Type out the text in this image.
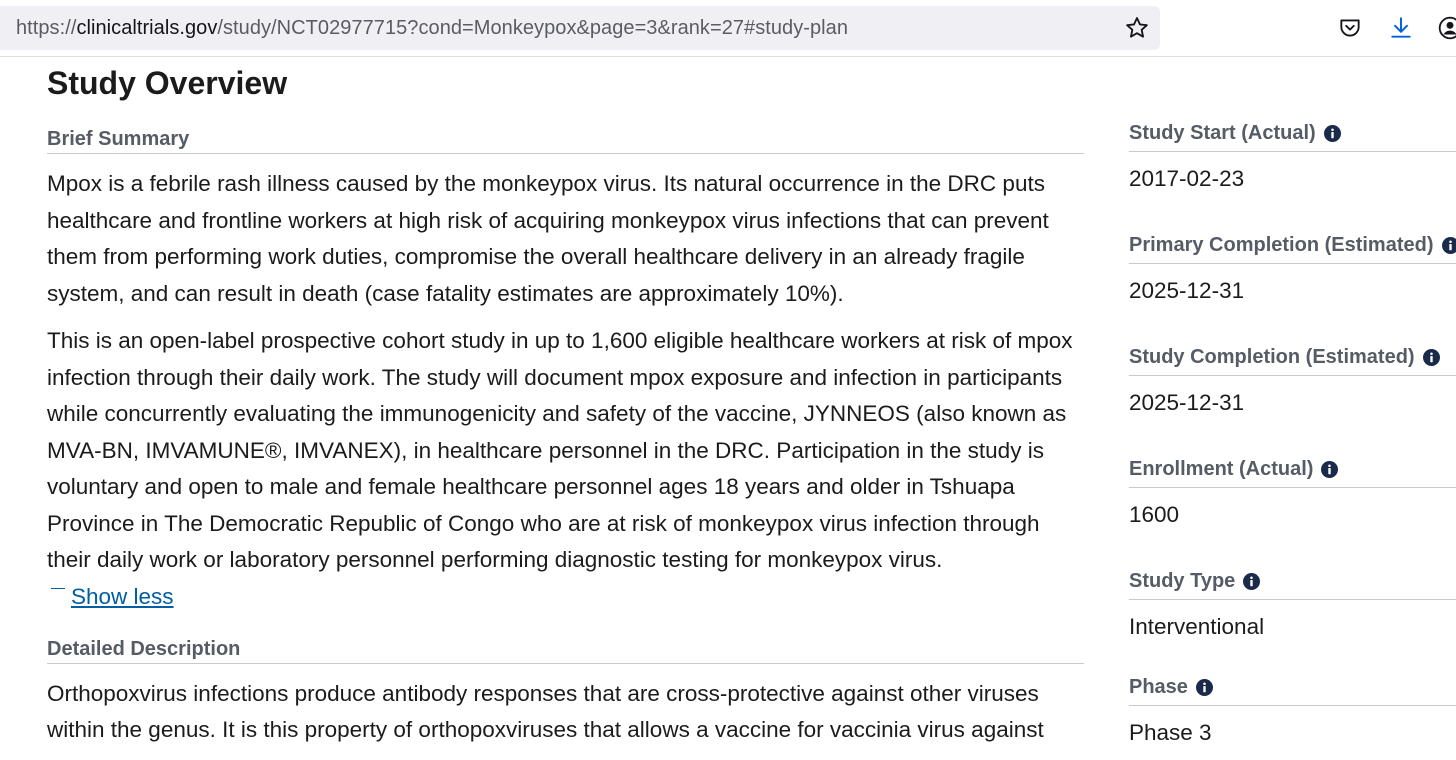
https://clinicaltrials.gov/study/NCT02977715?cond=Monkeypox&page=3&rank=27#study-plan
Study Overview
Brief Summary

Mpox is a febrile rash illness caused by the monkeypox virus. Its natural occurrence in the DRC puts healthcare and frontline workers at high risk of acquiring monkeypox virus infections that can prevent them from performing work duties, compromise the overall healthcare delivery in an already fragile system, and can result in death (case fatality estimates are approximately 10%).

This is an open-label prospective cohort study in up to 1,600 eligible healthcare workers at risk of mpox infection through their daily work. The study will document mpox exposure and infection in participants while concurrently evaluating the immunogenicity and safety of the vaccine, JYNNEOS (also known as MVA-BN, IMVAMUNE®, IMVANEX), in healthcare personnel in the DRC. Participation in the study is voluntary and open to male and female healthcare personnel ages 18 years and older in Tshuapa Province in The Democratic Republic of Congo who are at risk of monkeypox virus infection through their daily work or laboratory personnel performing diagnostic testing for monkeypox virus.

Show less
Detailed Description

Orthopoxvirus infections produce antibody responses that are cross-protective against other viruses within the genus. It is this property of orthopoxviruses that allows a vaccine for vaccinia virus against

Study Start (Actual)
2017-02-23
Primary Completion (Estimated)
2025-12-31
Study Completion (Estimated)
2025-12-31
Enrollment (Actual)
1600
Study Type
Interventional
Phase
Phase 3
